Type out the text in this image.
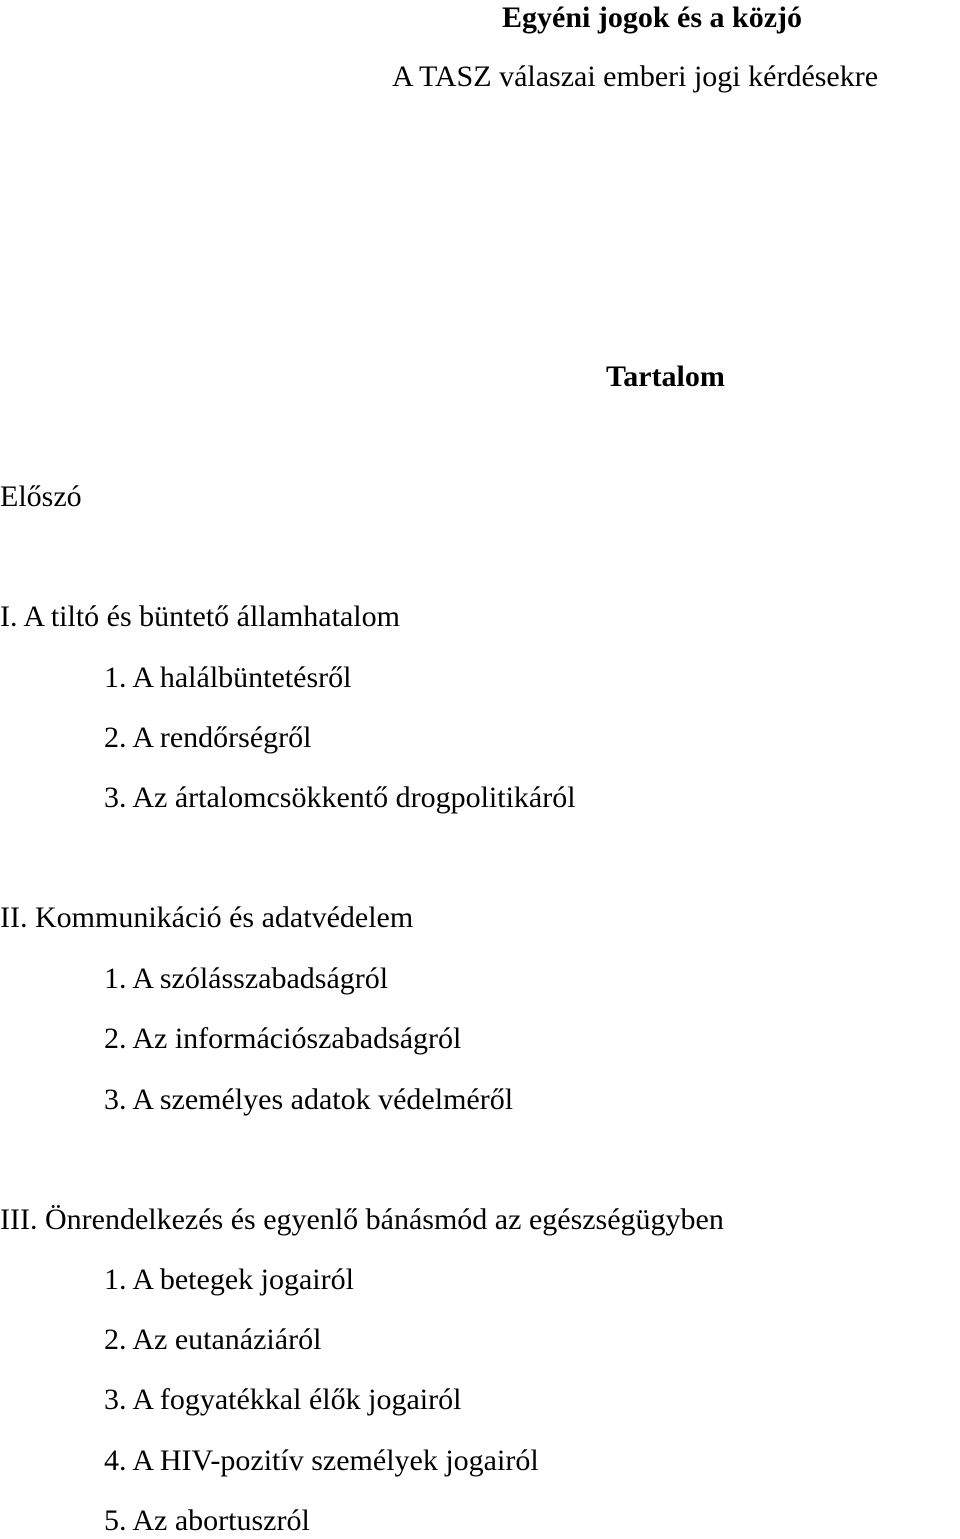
Egyéni jogok és a közjó
A TASZ válaszai emberi jogi kérdésekre
Tartalom
Előszó
I. A tiltó és büntető államhatalom
1. A halálbüntetésről
2. A rendőrségről
3. Az ártalomcsökkentő drogpolitikáról
II. Kommunikáció és adatvédelem
1. A szólásszabadságról
2. Az információszabadságról
3. A személyes adatok védelméről
III. Önrendelkezés és egyenlő bánásmód az egészségügyben
1. A betegek jogairól
2. Az eutanáziáról
3. A fogyatékkal élők jogairól
4. A HIV-pozitív személyek jogairól
5. Az abortuszról
